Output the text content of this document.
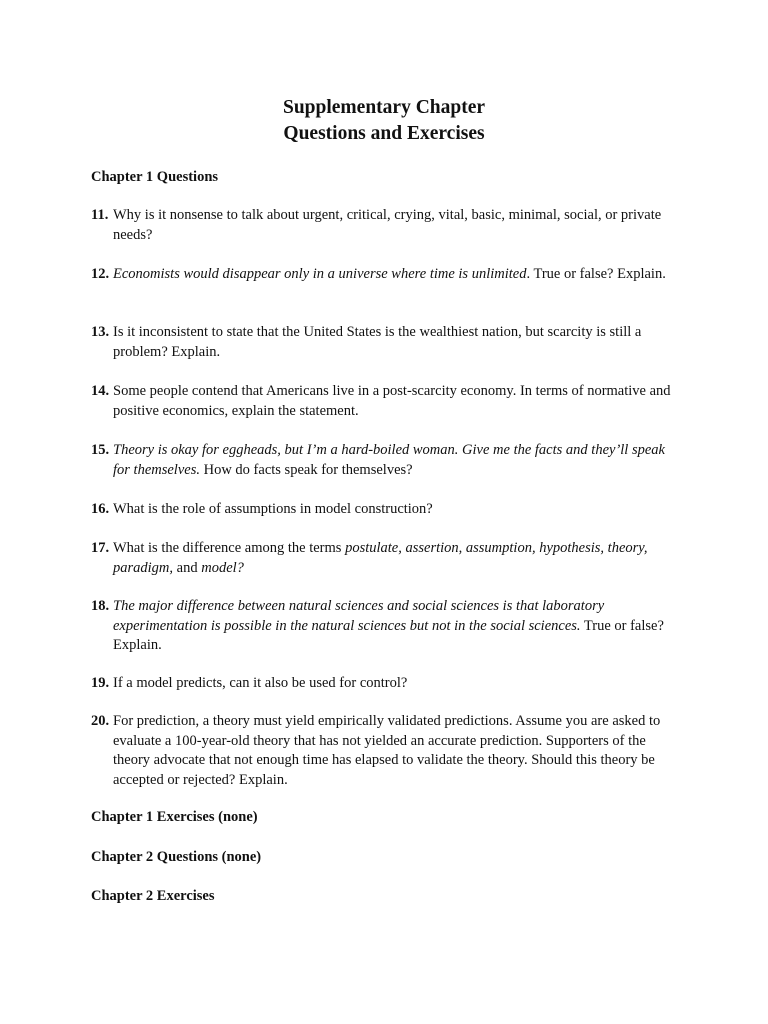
Supplementary Chapter
Questions and Exercises
Chapter 1 Questions
11. Why is it nonsense to talk about urgent, critical, crying, vital, basic, minimal, social, or private needs?
12. Economists would disappear only in a universe where time is unlimited. True or false? Explain.
13. Is it inconsistent to state that the United States is the wealthiest nation, but scarcity is still a problem? Explain.
14. Some people contend that Americans live in a post-scarcity economy. In terms of normative and positive economics, explain the statement.
15. Theory is okay for eggheads, but I’m a hard-boiled woman. Give me the facts and they’ll speak for themselves. How do facts speak for themselves?
16. What is the role of assumptions in model construction?
17. What is the difference among the terms postulate, assertion, assumption, hypothesis, theory, paradigm, and model?
18. The major difference between natural sciences and social sciences is that laboratory experimentation is possible in the natural sciences but not in the social sciences. True or false? Explain.
19. If a model predicts, can it also be used for control?
20. For prediction, a theory must yield empirically validated predictions. Assume you are asked to evaluate a 100-year-old theory that has not yielded an accurate prediction. Supporters of the theory advocate that not enough time has elapsed to validate the theory. Should this theory be accepted or rejected? Explain.
Chapter 1 Exercises (none)
Chapter 2 Questions (none)
Chapter 2 Exercises
